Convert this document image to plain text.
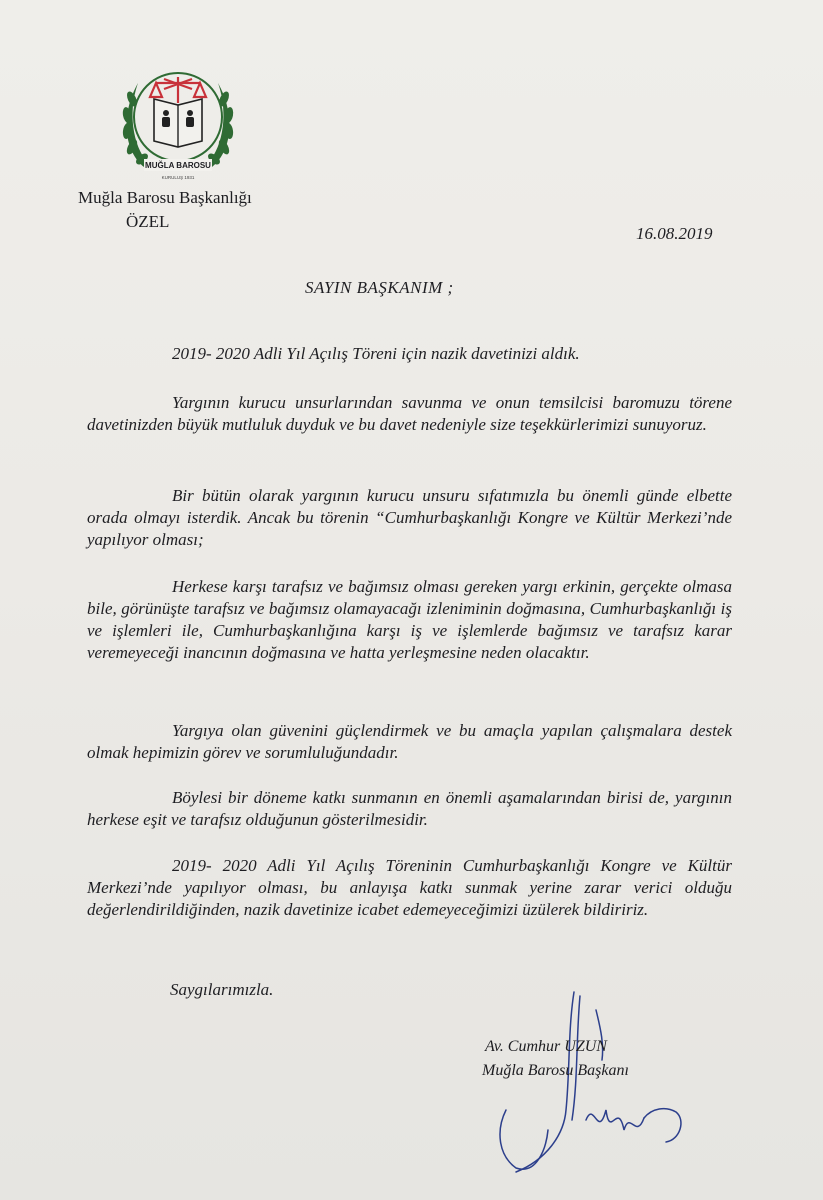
MUĞLA BAROSU
KURULUŞ 1931
Muğla Barosu Başkanlığı
ÖZEL
16.08.2019
SAYIN BAŞKANIM ;

2019- 2020 Adli Yıl Açılış Töreni için nazik davetinizi aldık.

Yargının kurucu unsurlarından savunma ve onun temsilcisi baromuzu törene davetinizden büyük mutluluk duyduk ve bu davet nedeniyle size teşekkürlerimizi sunuyoruz.

Bir bütün olarak yargının kurucu unsuru sıfatımızla bu önemli günde elbette orada olmayı isterdik. Ancak bu törenin “Cumhurbaşkanlığı Kongre ve Kültür Merkezi’nde yapılıyor olması;

Herkese karşı tarafsız ve bağımsız olması gereken yargı erkinin, gerçekte olmasa bile, görünüşte tarafsız ve bağımsız olamayacağı izleniminin doğmasına, Cumhurbaşkanlığı iş ve işlemleri ile, Cumhurbaşkanlığına karşı iş ve işlemlerde bağımsız ve tarafsız karar veremeyeceği inancının doğmasına ve hatta yerleşmesine neden olacaktır.

Yargıya olan güvenini güçlendirmek ve bu amaçla yapılan çalışmalara destek olmak hepimizin görev ve sorumluluğundadır.

Böylesi bir döneme katkı sunmanın en önemli aşamalarından birisi de, yargının herkese eşit ve tarafsız olduğunun gösterilmesidir.

2019- 2020 Adli Yıl Açılış Töreninin Cumhurbaşkanlığı Kongre ve Kültür Merkezi’nde yapılıyor olması, bu anlayışa katkı sunmak yerine zarar verici olduğu değerlendirildiğinden, nazik davetinize icabet edemeyeceğimizi üzülerek bildiririz.

Saygılarımızla.
Av. Cumhur UZUN
Muğla Barosu Başkanı
